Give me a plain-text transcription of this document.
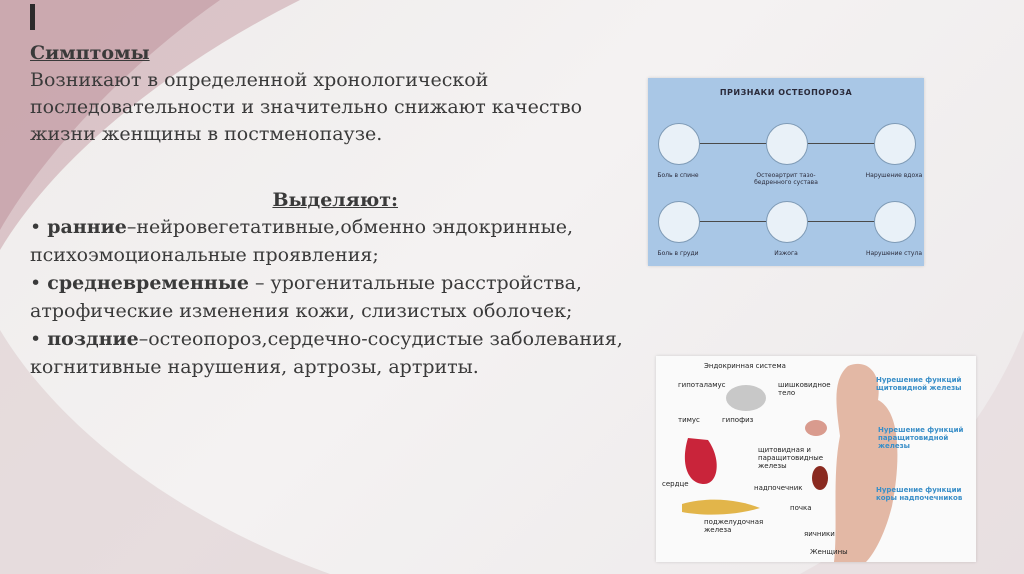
Симптомы

Возникают в определенной хронологической последовательности и значительно снижают качество жизни женщины в постменопаузе.

Выделяют:

• ранние–нейровегетативные,обменно эндокринные, психоэмоциональные проявления;
• средневременные – урогенитальные расстройства, атрофические изменения кожи, слизистых оболочек;
• поздние–остеопороз,сердечно-сосудистые заболевания, когнитивные нарушения, артрозы, артриты.
ПРИЗНАКИ ОСТЕОПОРОЗА
Боль в спине	Остеоартрит тазо-бедренного сустава
Нарушение вдоха
Боль в груди	Изжога	Нарушение стула
Эндокринная система
гипоталамус	шишковидное тело
гипофиз
тимус
щитовидная и паращитовидные железы
надпочечник
сердце
почка
поджелудочная железа	яичники
Женщины
Нурешение функций щитовидной железы
Нурешение функций паращитовидной железы
Нурешение функции коры надпочечников
